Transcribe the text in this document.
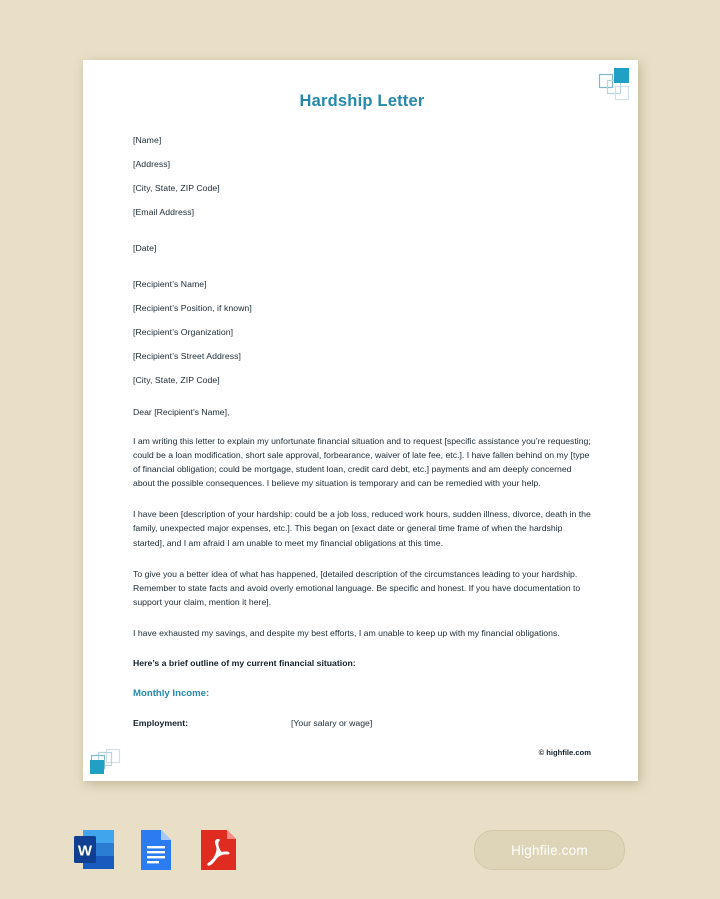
Hardship Letter

[Name]

[Address]

[City, State, ZIP Code]

[Email Address]

[Date]

[Recipient’s Name]

[Recipient’s Position, if known]

[Recipient’s Organization]

[Recipient’s Street Address]

[City, State, ZIP Code]

Dear [Recipient’s Name],

I am writing this letter to explain my unfortunate financial situation and to request [specific assistance you’re requesting; could be a loan modification, short sale approval, forbearance, waiver of late fee, etc.]. I have fallen behind on my [type of financial obligation; could be mortgage, student loan, credit card debt, etc.] payments and am deeply concerned about the possible consequences. I believe my situation is temporary and can be remedied with your help.

I have been [description of your hardship: could be a job loss, reduced work hours, sudden illness, divorce, death in the family, unexpected major expenses, etc.]. This began on [exact date or general time frame of when the hardship started], and I am afraid I am unable to meet my financial obligations at this time.

To give you a better idea of what has happened, [detailed description of the circumstances leading to your hardship. Remember to state facts and avoid overly emotional language. Be specific and honest. If you have documentation to support your claim, mention it here].

I have exhausted my savings, and despite my best efforts, I am unable to keep up with my financial obligations.

Here’s a brief outline of my current financial situation:

Monthly Income:

Employment:	[Your salary or wage]
© highfile.com
W	Highfile.com
